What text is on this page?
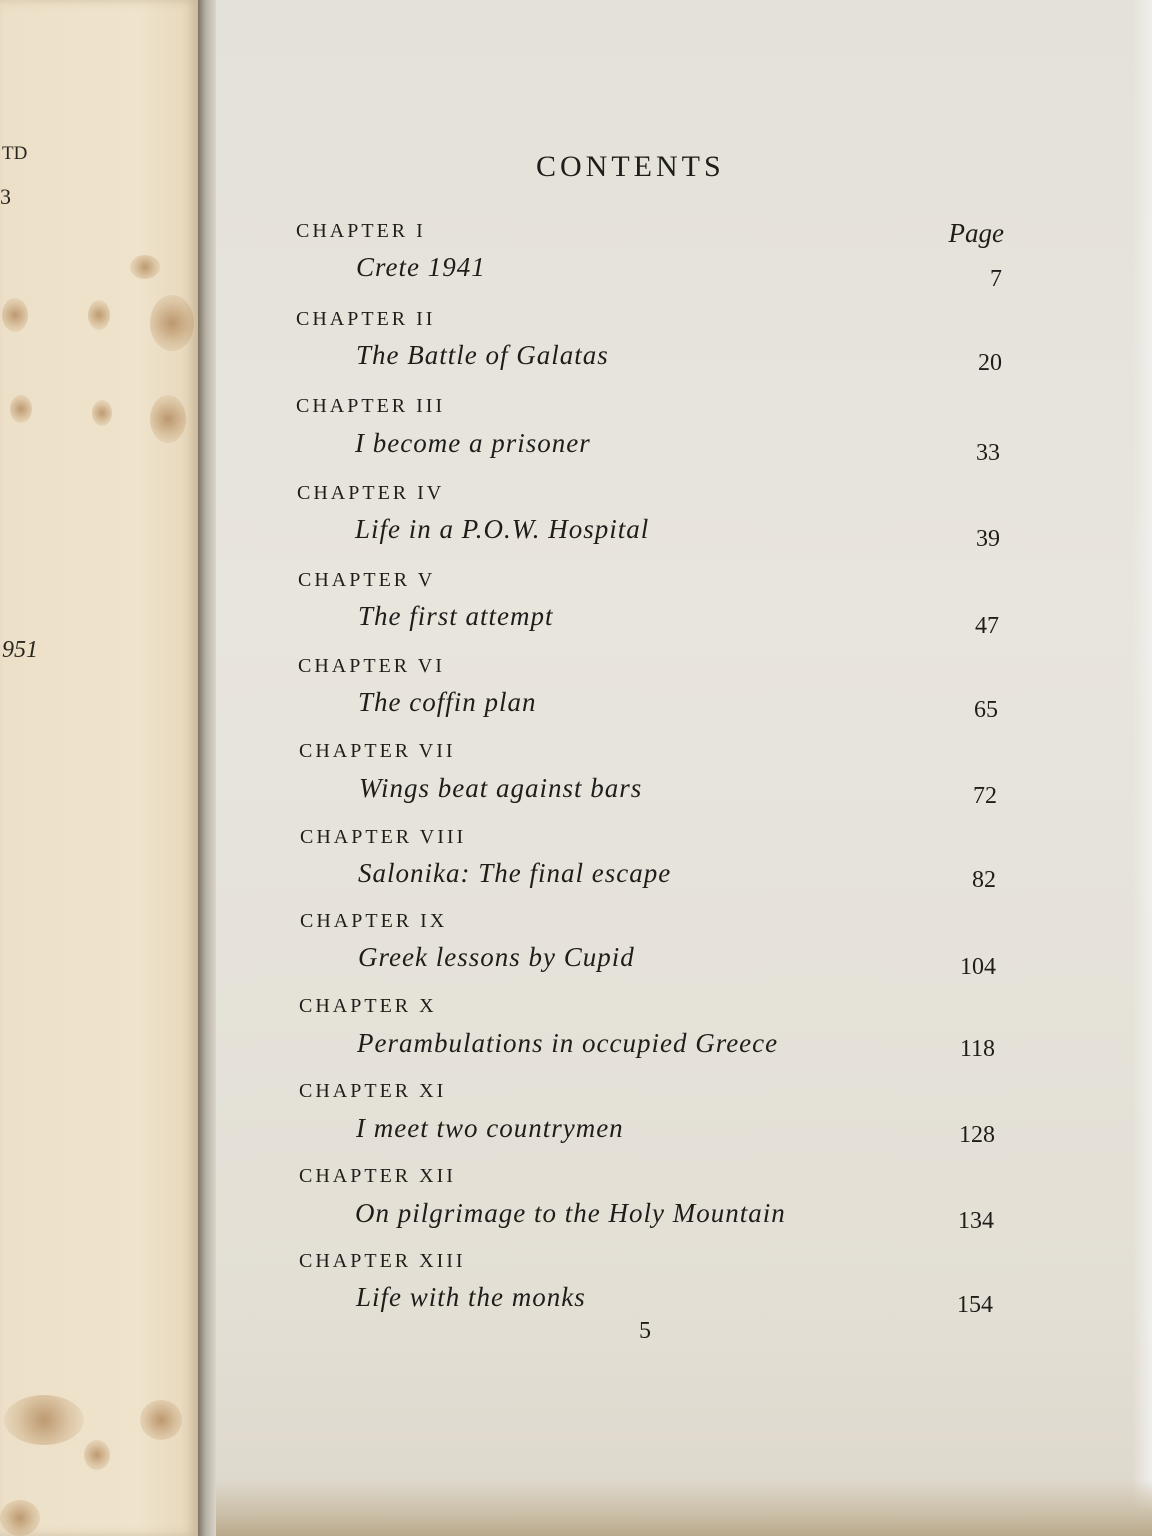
TD
3
951
CONTENTS
Page
CHAPTER I
Crete 1941	7
CHAPTER II
The Battle of Galatas	20
CHAPTER III
I become a prisoner	33
CHAPTER IV
Life in a P.O.W. Hospital	39
CHAPTER V
The first attempt	47
CHAPTER VI
The coffin plan	65
CHAPTER VII
Wings beat against bars	72
CHAPTER VIII
Salonika: The final escape	82
CHAPTER IX
Greek lessons by Cupid	104
CHAPTER X
Perambulations in occupied Greece	118
CHAPTER XI
I meet two countrymen	128
CHAPTER XII
On pilgrimage to the Holy Mountain	134
CHAPTER XIII
Life with the monks	154
5
